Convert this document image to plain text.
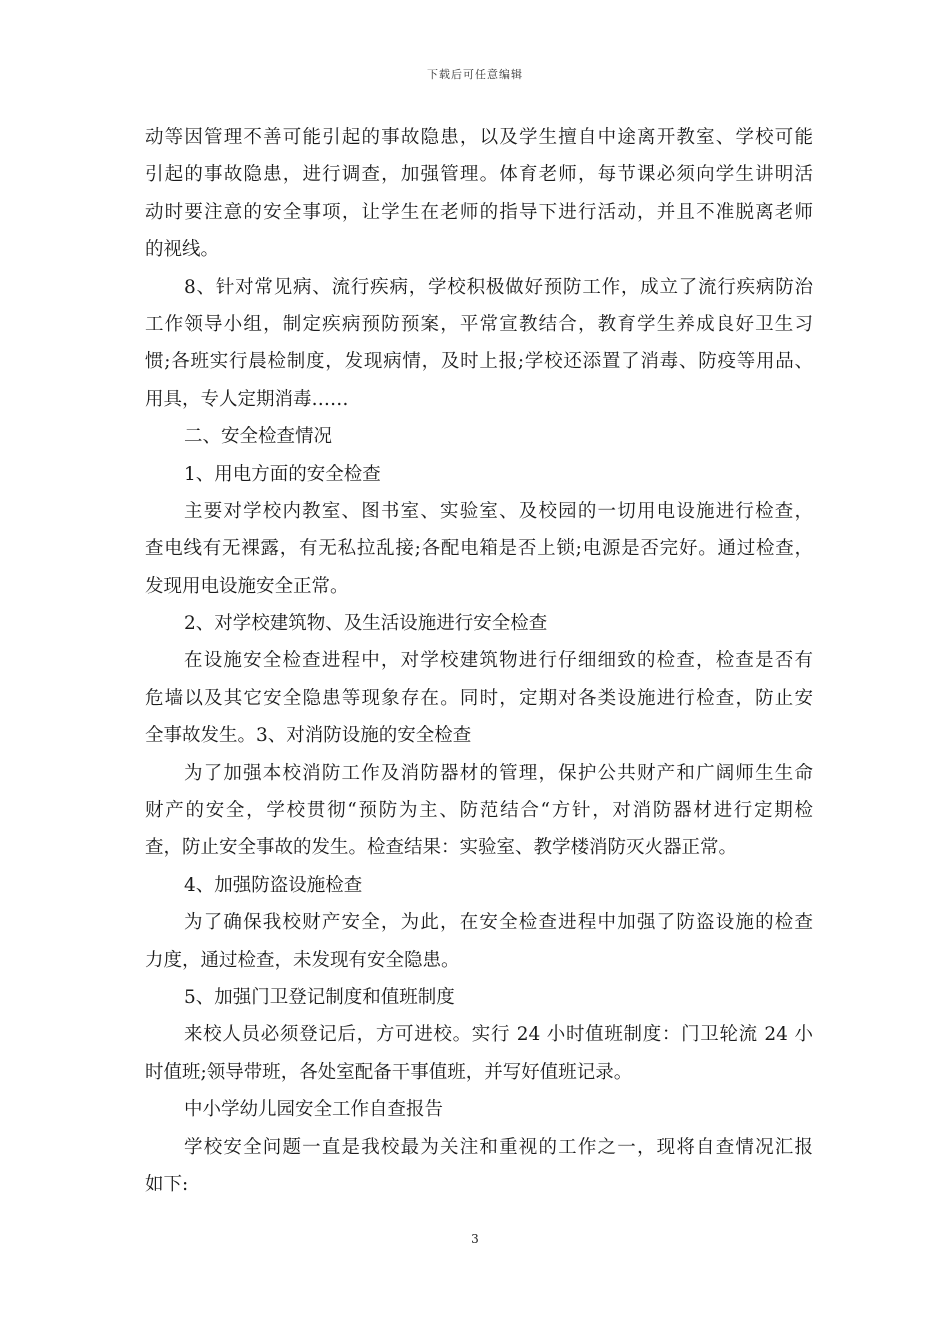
下载后可任意编辑
动等因管理不善可能引起的事故隐患，以及学生擅自中途离开教室、学校可能
引起的事故隐患，进行调查，加强管理。体育老师，每节课必须向学生讲明活
动时要注意的安全事项，让学生在老师的指导下进行活动，并且不准脱离老师
的视线。
8、针对常见病、流行疾病，学校积极做好预防工作，成立了流行疾病防治
工作领导小组，制定疾病预防预案，平常宣教结合，教育学生养成良好卫生习
惯;各班实行晨检制度，发现病情，及时上报;学校还添置了消毒、防疫等用品、
用具，专人定期消毒……
二、安全检查情况
1、用电方面的安全检查
主要对学校内教室、图书室、实验室、及校园的一切用电设施进行检查，
查电线有无裸露，有无私拉乱接;各配电箱是否上锁;电源是否完好。通过检查，
发现用电设施安全正常。
2、对学校建筑物、及生活设施进行安全检查
在设施安全检查进程中，对学校建筑物进行仔细细致的检查，检查是否有
危墙以及其它安全隐患等现象存在。同时，定期对各类设施进行检查，防止安
全事故发生。3、对消防设施的安全检查
为了加强本校消防工作及消防器材的管理，保护公共财产和广阔师生生命
财产的安全，学校贯彻“预防为主、防范结合“方针，对消防器材进行定期检
查，防止安全事故的发生。检查结果：实验室、教学楼消防灭火器正常。
4、加强防盗设施检查
为了确保我校财产安全，为此，在安全检查进程中加强了防盗设施的检查
力度，通过检查，未发现有安全隐患。
5、加强门卫登记制度和值班制度
来校人员必须登记后，方可进校。实行 24 小时值班制度：门卫轮流 24 小
时值班;领导带班，各处室配备干事值班，并写好值班记录。
中小学幼儿园安全工作自查报告
学校安全问题一直是我校最为关注和重视的工作之一，现将自查情况汇报
如下:
3
